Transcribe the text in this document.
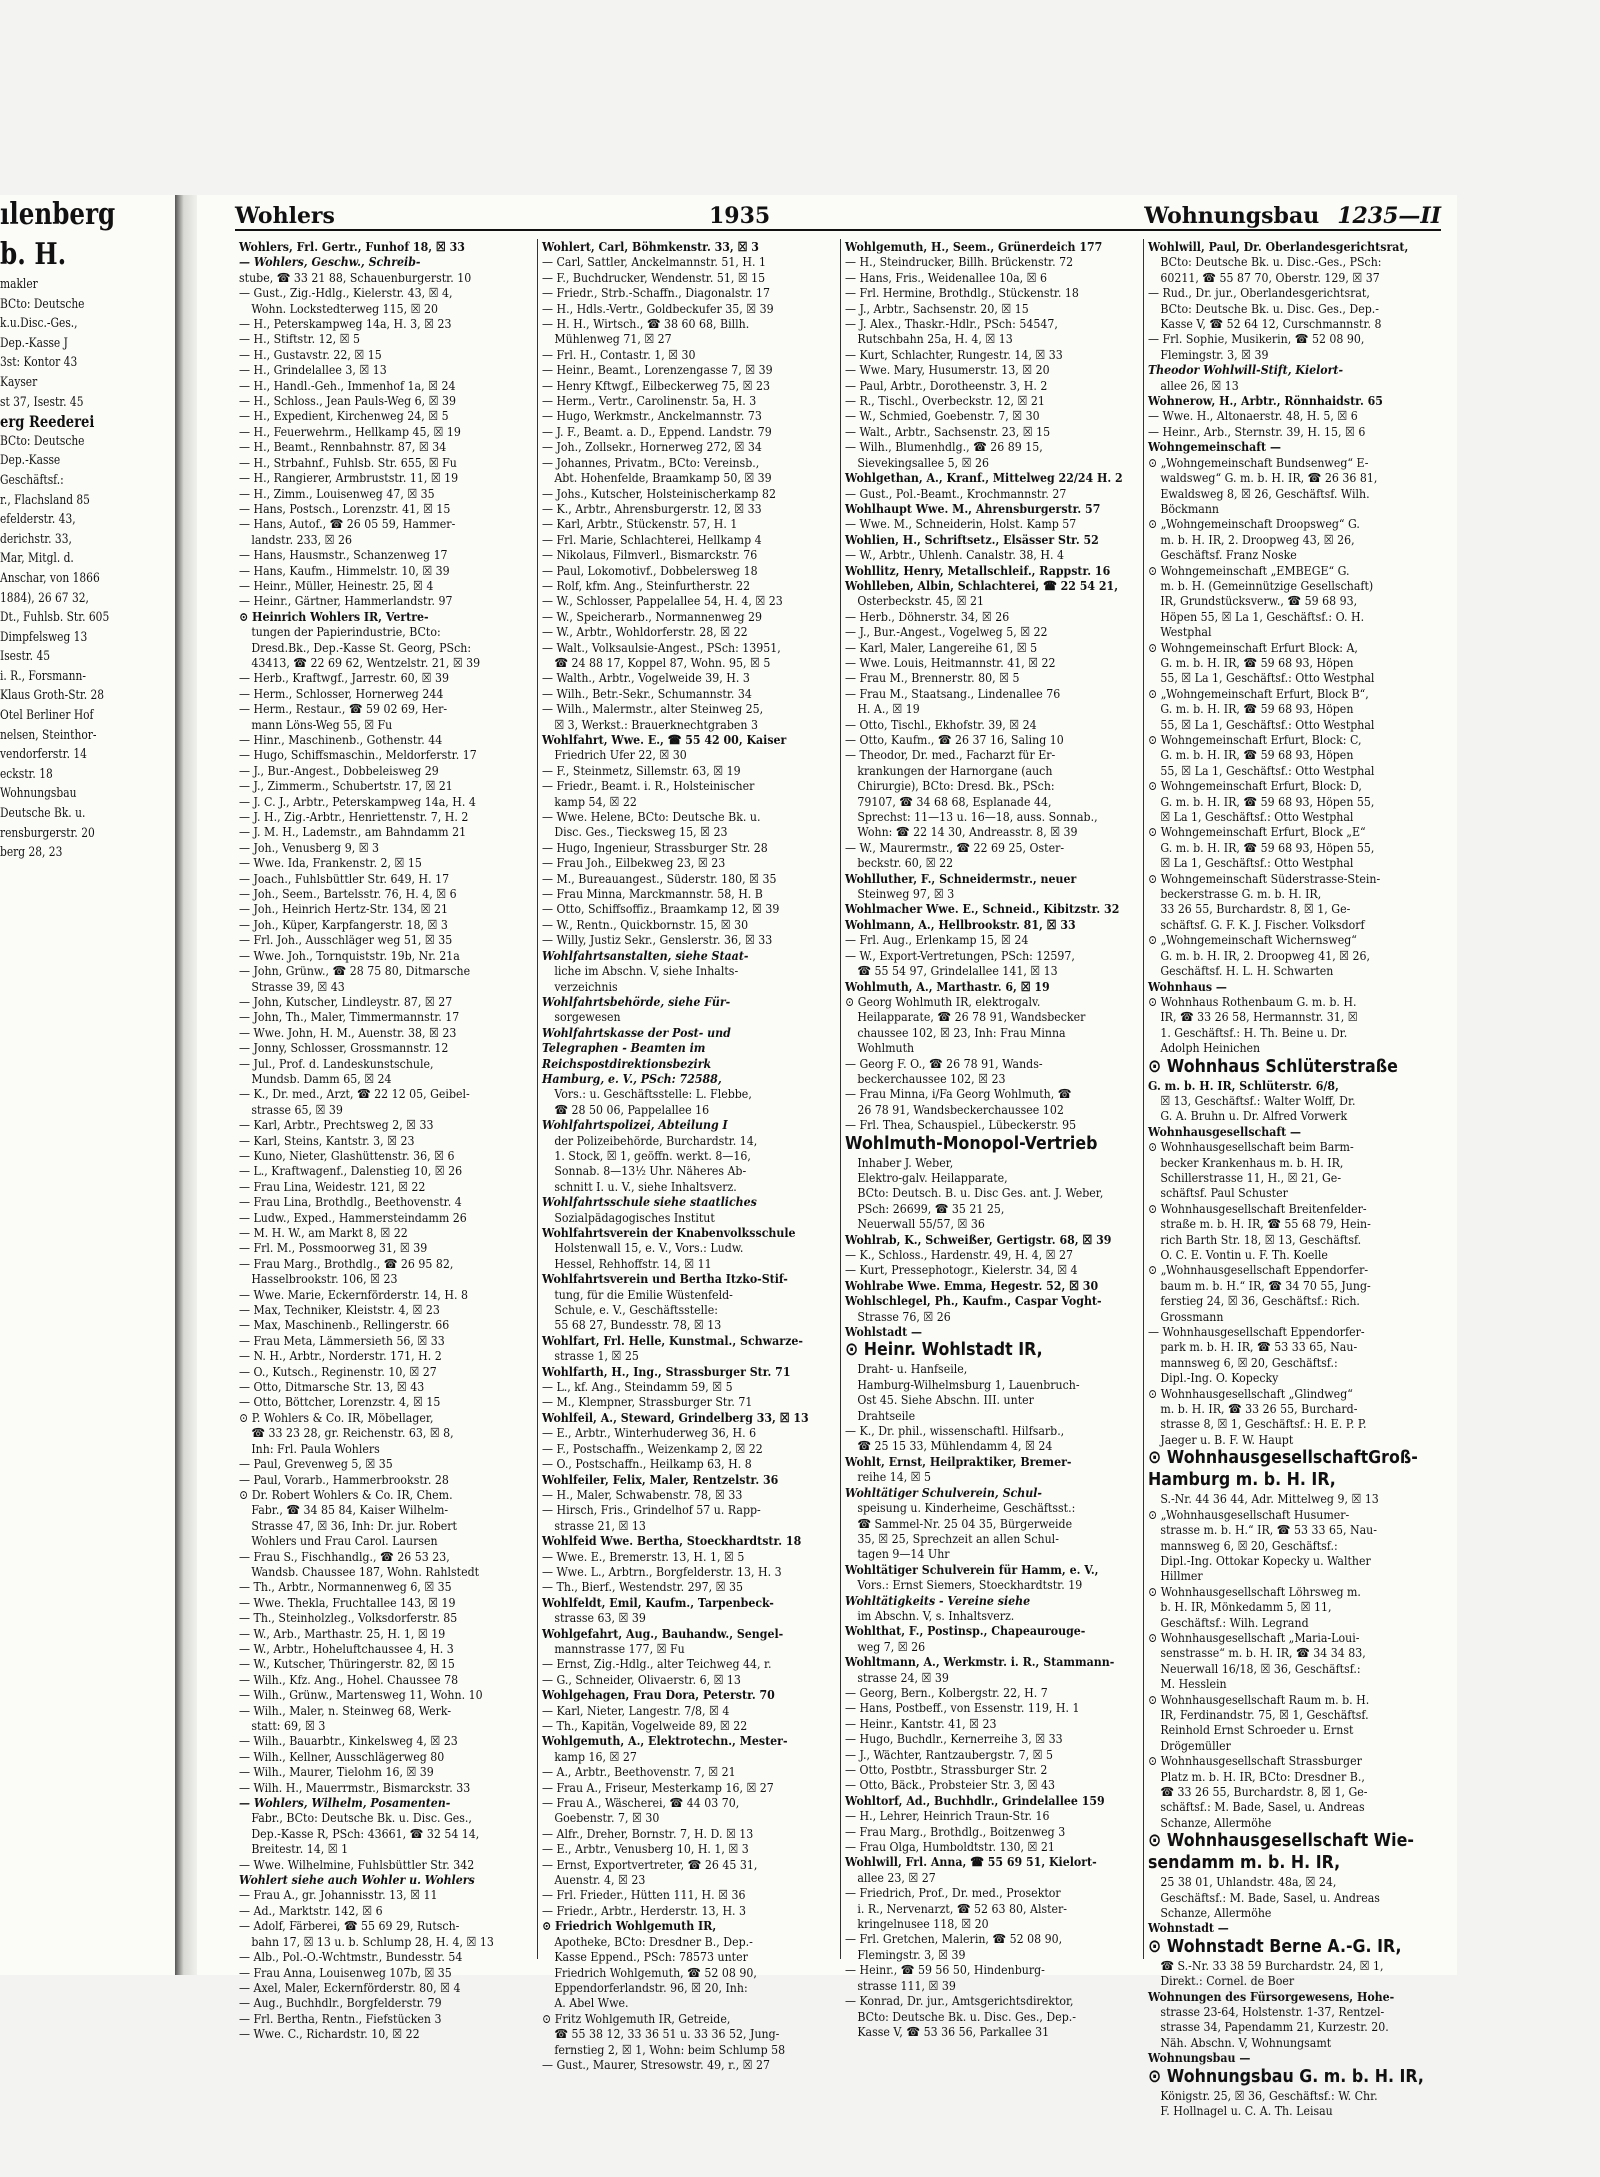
ılenberg
b. H.
makler
BCto: Deutsche
k.u.Disc.-Ges.,
Dep.-Kasse J
3st: Kontor 43
Kayser
st 37, Isestr. 45
erg Reederei
BCto: Deutsche
Dep.-Kasse
Geschäftsf.:
r., Flachsland 85
efelderstr. 43,
derichstr. 33,
Mar, Mitgl. d.
Anschar, von 1866
1884), 26 67 32,
Dt., Fuhlsb. Str. 605
Dimpfelsweg 13
Isestr. 45
i. R., Forsmann-
Klaus Groth-Str. 28
Otel Berliner Hof
nelsen, Steinthor-
vendorferstr. 14
eckstr. 18
Wohnungsbau
Deutsche Bk. u.
rensburgerstr. 20
berg 28, 23
Wohlers	1935	Wohnungsbau 1235—II
Wohlers, Frl. Gertr., Funhof 18, ☒ 33
— Wohlers, Geschw., Schreib-
stube, ☎ 33 21 88, Schauenburgerstr. 10
— Gust., Zig.-Hdlg., Kielerstr. 43, ☒ 4,
Wohn. Lockstedterweg 115, ☒ 20
— H., Peterskampweg 14a, H. 3, ☒ 23
— H., Stiftstr. 12, ☒ 5
— H., Gustavstr. 22, ☒ 15
— H., Grindelallee 3, ☒ 13
— H., Handl.-Geh., Immenhof 1a, ☒ 24
— H., Schloss., Jean Pauls-Weg 6, ☒ 39
— H., Expedient, Kirchenweg 24, ☒ 5
— H., Feuerwehrm., Hellkamp 45, ☒ 19
— H., Beamt., Rennbahnstr. 87, ☒ 34
— H., Strbahnf., Fuhlsb. Str. 655, ☒ Fu
— H., Rangierer, Armbruststr. 11, ☒ 19
— H., Zimm., Louisenweg 47, ☒ 35
— Hans, Postsch., Lorenzstr. 41, ☒ 15
— Hans, Autof., ☎ 26 05 59, Hammer-
landstr. 233, ☒ 26
— Hans, Hausmstr., Schanzenweg 17
— Hans, Kaufm., Himmelstr. 10, ☒ 39
— Heinr., Müller, Heinestr. 25, ☒ 4
— Heinr., Gärtner, Hammerlandstr. 97
⊙ Heinrich Wohlers IR, Vertre-
tungen der Papierindustrie, BCto:
Dresd.Bk., Dep.-Kasse St. Georg, PSch:
43413, ☎ 22 69 62, Wentzelstr. 21, ☒ 39
— Herb., Kraftwgf., Jarrestr. 60, ☒ 39
— Herm., Schlosser, Hornerweg 244
— Herm., Restaur., ☎ 59 02 69, Her-
mann Löns-Weg 55, ☒ Fu
— Hinr., Maschinenb., Gothenstr. 44
— Hugo, Schiffsmaschin., Meldorferstr. 17
— J., Bur.-Angest., Dobbeleisweg 29
— J., Zimmerm., Schubertstr. 17, ☒ 21
— J. C. J., Arbtr., Peterskampweg 14a, H. 4
— J. H., Zig.-Arbtr., Henriettenstr. 7, H. 2
— J. M. H., Lademstr., am Bahndamm 21
— Joh., Venusberg 9, ☒ 3
— Wwe. Ida, Frankenstr. 2, ☒ 15
— Joach., Fuhlsbüttler Str. 649, H. 17
— Joh., Seem., Bartelsstr. 76, H. 4, ☒ 6
— Joh., Heinrich Hertz-Str. 134, ☒ 21
— Joh., Küper, Karpfangerstr. 18, ☒ 3
— Frl. Joh., Ausschläger weg 51, ☒ 35
— Wwe. Joh., Tornquiststr. 19b, Nr. 21a
— John, Grünw., ☎ 28 75 80, Ditmarsche
Strasse 39, ☒ 43
— John, Kutscher, Lindleystr. 87, ☒ 27
— John, Th., Maler, Timmermannstr. 17
— Wwe. John, H. M., Auenstr. 38, ☒ 23
— Jonny, Schlosser, Grossmannstr. 12
— Jul., Prof. d. Landeskunstschule,
Mundsb. Damm 65, ☒ 24
— K., Dr. med., Arzt, ☎ 22 12 05, Geibel-
strasse 65, ☒ 39
— Karl, Arbtr., Prechtsweg 2, ☒ 33
— Karl, Steins, Kantstr. 3, ☒ 23
— Kuno, Nieter, Glashüttenstr. 36, ☒ 6
— L., Kraftwagenf., Dalenstieg 10, ☒ 26
— Frau Lina, Weidestr. 121, ☒ 22
— Frau Lina, Brothdlg., Beethovenstr. 4
— Ludw., Exped., Hammersteindamm 26
— M. H. W., am Markt 8, ☒ 22
— Frl. M., Possmoorweg 31, ☒ 39
— Frau Marg., Brothdlg., ☎ 26 95 82,
Hasselbrookstr. 106, ☒ 23
— Wwe. Marie, Eckernförderstr. 14, H. 8
— Max, Techniker, Kleiststr. 4, ☒ 23
— Max, Maschinenb., Rellingerstr. 66
— Frau Meta, Lämmersieth 56, ☒ 33
— N. H., Arbtr., Norderstr. 171, H. 2
— O., Kutsch., Reginenstr. 10, ☒ 27
— Otto, Ditmarsche Str. 13, ☒ 43
— Otto, Böttcher, Lorenzstr. 4, ☒ 15
⊙ P. Wohlers & Co. IR, Möbellager,
☎ 33 23 28, gr. Reichenstr. 63, ☒ 8,
Inh: Frl. Paula Wohlers
— Paul, Grevenweg 5, ☒ 35
— Paul, Vorarb., Hammerbrookstr. 28
⊙ Dr. Robert Wohlers & Co. IR, Chem.
Fabr., ☎ 34 85 84, Kaiser Wilhelm-
Strasse 47, ☒ 36, Inh: Dr. jur. Robert
Wohlers und Frau Carol. Laursen
— Frau S., Fischhandlg., ☎ 26 53 23,
Wandsb. Chaussee 187, Wohn. Rahlstedt
— Th., Arbtr., Normannenweg 6, ☒ 35
— Wwe. Thekla, Fruchtallee 143, ☒ 19
— Th., Steinholzleg., Volksdorferstr. 85
— W., Arb., Marthastr. 25, H. 1, ☒ 19
— W., Arbtr., Hoheluftchaussee 4, H. 3
— W., Kutscher, Thüringerstr. 82, ☒ 15
— Wilh., Kfz. Ang., Hohel. Chaussee 78
— Wilh., Grünw., Martensweg 11, Wohn. 10
— Wilh., Maler, n. Steinweg 68, Werk-
statt: 69, ☒ 3
— Wilh., Bauarbtr., Kinkelsweg 4, ☒ 23
— Wilh., Kellner, Ausschlägerweg 80
— Wilh., Maurer, Tielohm 16, ☒ 39
— Wilh. H., Mauerrmstr., Bismarckstr. 33
— Wohlers, Wilhelm, Posamenten-
Fabr., BCto: Deutsche Bk. u. Disc. Ges.,
Dep.-Kasse R, PSch: 43661, ☎ 32 54 14,
Breitestr. 14, ☒ 1
— Wwe. Wilhelmine, Fuhlsbüttler Str. 342
Wohlert siehe auch Wohler u. Wohlers
— Frau A., gr. Johannisstr. 13, ☒ 11
— Ad., Marktstr. 142, ☒ 6
— Adolf, Färberei, ☎ 55 69 29, Rutsch-
bahn 17, ☒ 13 u. b. Schlump 28, H. 4, ☒ 13
— Alb., Pol.-O.-Wchtmstr., Bundesstr. 54
— Frau Anna, Louisenweg 107b, ☒ 35
— Axel, Maler, Eckernförderstr. 80, ☒ 4
— Aug., Buchhdlr., Borgfelderstr. 79
— Frl. Bertha, Rentn., Fiefstücken 3
— Wwe. C., Richardstr. 10, ☒ 22
Wohlert, Carl, Böhmkenstr. 33, ☒ 3
— Carl, Sattler, Anckelmannstr. 51, H. 1
— F., Buchdrucker, Wendenstr. 51, ☒ 15
— Friedr., Strb.-Schaffn., Diagonalstr. 17
— H., Hdls.-Vertr., Goldbeckufer 35, ☒ 39
— H. H., Wirtsch., ☎ 38 60 68, Billh.
Mühlenweg 71, ☒ 27
— Frl. H., Contastr. 1, ☒ 30
— Heinr., Beamt., Lorenzengasse 7, ☒ 39
— Henry Kftwgf., Eilbeckerweg 75, ☒ 23
— Herm., Vertr., Carolinenstr. 5a, H. 3
— Hugo, Werkmstr., Anckelmannstr. 73
— J. F., Beamt. a. D., Eppend. Landstr. 79
— Joh., Zollsekr., Hornerweg 272, ☒ 34
— Johannes, Privatm., BCto: Vereinsb.,
Abt. Hohenfelde, Braamkamp 50, ☒ 39
— Johs., Kutscher, Holsteinischerkamp 82
— K., Arbtr., Ahrensburgerstr. 12, ☒ 33
— Karl, Arbtr., Stückenstr. 57, H. 1
— Frl. Marie, Schlachterei, Hellkamp 4
— Nikolaus, Filmverl., Bismarckstr. 76
— Paul, Lokomotivf., Dobbelersweg 18
— Rolf, kfm. Ang., Steinfurtherstr. 22
— W., Schlosser, Pappelallee 54, H. 4, ☒ 23
— W., Speicherarb., Normannenweg 29
— W., Arbtr., Wohldorferstr. 28, ☒ 22
— Walt., Volksaulsie-Angest., PSch: 13951,
☎ 24 88 17, Koppel 87, Wohn. 95, ☒ 5
— Walth., Arbtr., Vogelweide 39, H. 3
— Wilh., Betr.-Sekr., Schumannstr. 34
— Wilh., Malermstr., alter Steinweg 25,
☒ 3, Werkst.: Brauerknechtgraben 3
Wohlfahrt, Wwe. E., ☎ 55 42 00, Kaiser
Friedrich Ufer 22, ☒ 30
— F., Steinmetz, Sillemstr. 63, ☒ 19
— Friedr., Beamt. i. R., Holsteinischer
kamp 54, ☒ 22
— Wwe. Helene, BCto: Deutsche Bk. u.
Disc. Ges., Tiecksweg 15, ☒ 23
— Hugo, Ingenieur, Strassburger Str. 28
— Frau Joh., Eilbekweg 23, ☒ 23
— M., Bureauangest., Süderstr. 180, ☒ 35
— Frau Minna, Marckmannstr. 58, H. B
— Otto, Schiffsoffiz., Braamkamp 12, ☒ 39
— W., Rentn., Quickbornstr. 15, ☒ 30
— Willy, Justiz Sekr., Genslerstr. 36, ☒ 33
Wohlfahrtsanstalten, siehe Staat-
liche im Abschn. V, siehe Inhalts-
verzeichnis
Wohlfahrtsbehörde, siehe Für-
sorgewesen
Wohlfahrtskasse der Post- und
Telegraphen - Beamten im
Reichspostdirektionsbezirk
Hamburg, e. V., PSch: 72588,
Vors.: u. Geschäftsstelle: L. Flebbe,
☎ 28 50 06, Pappelallee 16
Wohlfahrtspolizei, Abteilung I
der Polizeibehörde, Burchardstr. 14,
1. Stock, ☒ 1, geöffn. werkt. 8—16,
Sonnab. 8—13½ Uhr. Näheres Ab-
schnitt I. u. V., siehe Inhaltsverz.
Wohlfahrtsschule siehe staatliches
Sozialpädagogisches Institut
Wohlfahrtsverein der Knabenvolksschule
Holstenwall 15, e. V., Vors.: Ludw.
Hessel, Rehhoffstr. 14, ☒ 11
Wohlfahrtsverein und Bertha Itzko-Stif-
tung, für die Emilie Wüstenfeld-
Schule, e. V., Geschäftsstelle:
55 68 27, Bundesstr. 78, ☒ 13
Wohlfart, Frl. Helle, Kunstmal., Schwarze-
strasse 1, ☒ 25
Wohlfarth, H., Ing., Strassburger Str. 71
— L., kf. Ang., Steindamm 59, ☒ 5
— M., Klempner, Strassburger Str. 71
Wohlfeil, A., Steward, Grindelberg 33, ☒ 13
— E., Arbtr., Winterhuderweg 36, H. 6
— F., Postschaffn., Weizenkamp 2, ☒ 22
— O., Postschaffn., Heilkamp 63, H. 8
Wohlfeiler, Felix, Maler, Rentzelstr. 36
— H., Maler, Schwabenstr. 78, ☒ 33
— Hirsch, Fris., Grindelhof 57 u. Rapp-
strasse 21, ☒ 13
Wohlfeid Wwe. Bertha, Stoeckhardtstr. 18
— Wwe. E., Bremerstr. 13, H. 1, ☒ 5
— Wwe. L., Arbtrn., Borgfelderstr. 13, H. 3
— Th., Bierf., Westendstr. 297, ☒ 35
Wohlfeldt, Emil, Kaufm., Tarpenbeck-
strasse 63, ☒ 39
Wohlgefahrt, Aug., Bauhandw., Sengel-
mannstrasse 177, ☒ Fu
— Ernst, Zig.-Hdlg., alter Teichweg 44, r.
— G., Schneider, Olivaerstr. 6, ☒ 13
Wohlgehagen, Frau Dora, Peterstr. 70
— Karl, Nieter, Langestr. 7/8, ☒ 4
— Th., Kapitän, Vogelweide 89, ☒ 22
Wohlgemuth, A., Elektrotechn., Mester-
kamp 16, ☒ 27
— A., Arbtr., Beethovenstr. 7, ☒ 21
— Frau A., Friseur, Mesterkamp 16, ☒ 27
— Frau A., Wäscherei, ☎ 44 03 70,
Goebenstr. 7, ☒ 30
— Alfr., Dreher, Bornstr. 7, H. D. ☒ 13
— E., Arbtr., Venusberg 10, H. 1, ☒ 3
— Ernst, Exportvertreter, ☎ 26 45 31,
Auenstr. 4, ☒ 23
— Frl. Frieder., Hütten 111, H. ☒ 36
— Friedr., Arbtr., Herderstr. 13, H. 3
⊙ Friedrich Wohlgemuth IR,
Apotheke, BCto: Dresdner B., Dep.-
Kasse Eppend., PSch: 78573 unter
Friedrich Wohlgemuth, ☎ 52 08 90,
Eppendorferlandstr. 96, ☒ 20, Inh:
A. Abel Wwe.
⊙ Fritz Wohlgemuth IR, Getreide,
☎ 55 38 12, 33 36 51 u. 33 36 52, Jung-
fernstieg 2, ☒ 1, Wohn: beim Schlump 58
— Gust., Maurer, Stresowstr. 49, r., ☒ 27
Wohlgemuth, H., Seem., Grünerdeich 177
— H., Steindrucker, Billh. Brückenstr. 72
— Hans, Fris., Weidenallee 10a, ☒ 6
— Frl. Hermine, Brothdlg., Stückenstr. 18
— J., Arbtr., Sachsenstr. 20, ☒ 15
— J. Alex., Thaskr.-Hdlr., PSch: 54547,
Rutschbahn 25a, H. 4, ☒ 13
— Kurt, Schlachter, Rungestr. 14, ☒ 33
— Wwe. Mary, Husumerstr. 13, ☒ 20
— Paul, Arbtr., Dorotheenstr. 3, H. 2
— R., Tischl., Overbeckstr. 12, ☒ 21
— W., Schmied, Goebenstr. 7, ☒ 30
— Walt., Arbtr., Sachsenstr. 23, ☒ 15
— Wilh., Blumenhdlg., ☎ 26 89 15,
Sievekingsallee 5, ☒ 26
Wohlgethan, A., Kranf., Mittelweg 22/24 H. 2
— Gust., Pol.-Beamt., Krochmannstr. 27
Wohlhaupt Wwe. M., Ahrensburgerstr. 57
— Wwe. M., Schneiderin, Holst. Kamp 57
Wohlien, H., Schriftsetz., Elsässer Str. 52
— W., Arbtr., Uhlenh. Canalstr. 38, H. 4
Wohllitz, Henry, Metallschleif., Rappstr. 16
Wohlleben, Albin, Schlachterei, ☎ 22 54 21,
Osterbeckstr. 45, ☒ 21
— Herb., Döhnerstr. 34, ☒ 26
— J., Bur.-Angest., Vogelweg 5, ☒ 22
— Karl, Maler, Langereihe 61, ☒ 5
— Wwe. Louis, Heitmannstr. 41, ☒ 22
— Frau M., Brennerstr. 80, ☒ 5
— Frau M., Staatsang., Lindenallee 76
H. A., ☒ 19
— Otto, Tischl., Ekhofstr. 39, ☒ 24
— Otto, Kaufm., ☎ 26 37 16, Saling 10
— Theodor, Dr. med., Facharzt für Er-
krankungen der Harnorgane (auch
Chirurgie), BCto: Dresd. Bk., PSch:
79107, ☎ 34 68 68, Esplanade 44,
Sprechst: 11—13 u. 16—18, auss. Sonnab.,
Wohn: ☎ 22 14 30, Andreasstr. 8, ☒ 39
— W., Maurermstr., ☎ 22 69 25, Oster-
beckstr. 60, ☒ 22
Wohlluther, F., Schneidermstr., neuer
Steinweg 97, ☒ 3
Wohlmacher Wwe. E., Schneid., Kibitzstr. 32
Wohlmann, A., Hellbrookstr. 81, ☒ 33
— Frl. Aug., Erlenkamp 15, ☒ 24
— W., Export-Vertretungen, PSch: 12597,
☎ 55 54 97, Grindelallee 141, ☒ 13
Wohlmuth, A., Marthastr. 6, ☒ 19
⊙ Georg Wohlmuth IR, elektrogalv.
Heilapparate, ☎ 26 78 91, Wandsbecker
chaussee 102, ☒ 23, Inh: Frau Minna
Wohlmuth
— Georg F. O., ☎ 26 78 91, Wands-
beckerchaussee 102, ☒ 23
— Frau Minna, i/Fa Georg Wohlmuth, ☎
26 78 91, Wandsbeckerchaussee 102
— Frl. Thea, Schauspiel., Lübeckerstr. 95
Wohlmuth-Monopol-Vertrieb
Inhaber J. Weber,
Elektro-galv. Heilapparate,
BCto: Deutsch. B. u. Disc Ges. ant. J. Weber,
PSch: 26699, ☎ 35 21 25,
Neuerwall 55/57, ☒ 36
Wohlrab, K., Schweißer, Gertigstr. 68, ☒ 39
— K., Schloss., Hardenstr. 49, H. 4, ☒ 27
— Kurt, Pressephotogr., Kielerstr. 34, ☒ 4
Wohlrabe Wwe. Emma, Hegestr. 52, ☒ 30
Wohlschlegel, Ph., Kaufm., Caspar Voght-
Strasse 76, ☒ 26
Wohlstadt —
⊙ Heinr. Wohlstadt IR,
Draht- u. Hanfseile,
Hamburg-Wilhelmsburg 1, Lauenbruch-
Ost 45. Siehe Abschn. III. unter
Drahtseile
— K., Dr. phil., wissenschaftl. Hilfsarb.,
☎ 25 15 33, Mühlendamm 4, ☒ 24
Wohlt, Ernst, Heilpraktiker, Bremer-
reihe 14, ☒ 5
Wohltätiger Schulverein, Schul-
speisung u. Kinderheime, Geschäftsst.:
☎ Sammel-Nr. 25 04 35, Bürgerweide
35, ☒ 25, Sprechzeit an allen Schul-
tagen 9—14 Uhr
Wohltätiger Schulverein für Hamm, e. V.,
Vors.: Ernst Siemers, Stoeckhardtstr. 19
Wohltätigkeits - Vereine siehe
im Abschn. V, s. Inhaltsverz.
Wohlthat, F., Postinsp., Chapeaurouge-
weg 7, ☒ 26
Wohltmann, A., Werkmstr. i. R., Stammann-
strasse 24, ☒ 39
— Georg, Bern., Kolbergstr. 22, H. 7
— Hans, Postbeff., von Essenstr. 119, H. 1
— Heinr., Kantstr. 41, ☒ 23
— Hugo, Buchdlr., Kernerreihe 3, ☒ 33
— J., Wächter, Rantzaubergstr. 7, ☒ 5
— Otto, Postbtr., Strassburger Str. 2
— Otto, Bäck., Probsteier Str. 3, ☒ 43
Wohltorf, Ad., Buchhdlr., Grindelallee 159
— H., Lehrer, Heinrich Traun-Str. 16
— Frau Marg., Brothdlg., Boitzenweg 3
— Frau Olga, Humboldtstr. 130, ☒ 21
Wohlwill, Frl. Anna, ☎ 55 69 51, Kielort-
allee 23, ☒ 27
— Friedrich, Prof., Dr. med., Prosektor
i. R., Nervenarzt, ☎ 52 63 80, Alster-
kringelnusee 118, ☒ 20
— Frl. Gretchen, Malerin, ☎ 52 08 90,
Flemingstr. 3, ☒ 39
— Heinr., ☎ 59 56 50, Hindenburg-
strasse 111, ☒ 39
— Konrad, Dr. jur., Amtsgerichtsdirektor,
BCto: Deutsche Bk. u. Disc. Ges., Dep.-
Kasse V, ☎ 53 36 56, Parkallee 31
Wohlwill, Paul, Dr. Oberlandesgerichtsrat,
BCto: Deutsche Bk. u. Disc.-Ges., PSch:
60211, ☎ 55 87 70, Oberstr. 129, ☒ 37
— Rud., Dr. jur., Oberlandesgerichtsrat,
BCto: Deutsche Bk. u. Disc. Ges., Dep.-
Kasse V, ☎ 52 64 12, Curschmannstr. 8
— Frl. Sophie, Musikerin, ☎ 52 08 90,
Flemingstr. 3, ☒ 39
Theodor Wohlwill-Stift, Kielort-
allee 26, ☒ 13
Wohnerow, H., Arbtr., Rönnhaidstr. 65
— Wwe. H., Altonaerstr. 48, H. 5, ☒ 6
— Heinr., Arb., Sternstr. 39, H. 15, ☒ 6
Wohngemeinschaft —
⊙ „Wohngemeinschaft Bundsenweg“ E-
waldsweg“ G. m. b. H. IR, ☎ 26 36 81,
Ewaldsweg 8, ☒ 26, Geschäftsf. Wilh.
Böckmann
⊙ „Wohngemeinschaft Droopsweg“ G.
m. b. H. IR, 2. Droopweg 43, ☒ 26,
Geschäftsf. Franz Noske
⊙ Wohngemeinschaft „EMBEGE“ G.
m. b. H. (Gemeinnützige Gesellschaft)
IR, Grundstücksverw., ☎ 59 68 93,
Höpen 55, ☒ La 1, Geschäftsf.: O. H.
Westphal
⊙ Wohngemeinschaft Erfurt Block: A,
G. m. b. H. IR, ☎ 59 68 93, Höpen
55, ☒ La 1, Geschäftsf.: Otto Westphal
⊙ „Wohngemeinschaft Erfurt, Block B“,
G. m. b. H. IR, ☎ 59 68 93, Höpen
55, ☒ La 1, Geschäftsf.: Otto Westphal
⊙ Wohngemeinschaft Erfurt, Block: C,
G. m. b. H. IR, ☎ 59 68 93, Höpen
55, ☒ La 1, Geschäftsf.: Otto Westphal
⊙ Wohngemeinschaft Erfurt, Block: D,
G. m. b. H. IR, ☎ 59 68 93, Höpen 55,
☒ La 1, Geschäftsf.: Otto Westphal
⊙ Wohngemeinschaft Erfurt, Block „E“
G. m. b. H. IR, ☎ 59 68 93, Höpen 55,
☒ La 1, Geschäftsf.: Otto Westphal
⊙ Wohngemeinschaft Süderstrasse-Stein-
beckerstrasse G. m. b. H. IR,
33 26 55, Burchardstr. 8, ☒ 1, Ge-
schäftsf. G. F. K. J. Fischer. Volksdorf
⊙ „Wohngemeinschaft Wichernsweg“
G. m. b. H. IR, 2. Droopweg 41, ☒ 26,
Geschäftsf. H. L. H. Schwarten
Wohnhaus —
⊙ Wohnhaus Rothenbaum G. m. b. H.
IR, ☎ 33 26 58, Hermannstr. 31, ☒
1. Geschäftsf.: H. Th. Beine u. Dr.
Adolph Heinichen
⊙ Wohnhaus Schlüterstraße
G. m. b. H. IR, Schlüterstr. 6/8,
☒ 13, Geschäftsf.: Walter Wolff, Dr.
G. A. Bruhn u. Dr. Alfred Vorwerk
Wohnhausgesellschaft —
⊙ Wohnhausgesellschaft beim Barm-
becker Krankenhaus m. b. H. IR,
Schillerstrasse 11, H., ☒ 21, Ge-
schäftsf. Paul Schuster
⊙ Wohnhausgesellschaft Breitenfelder-
straße m. b. H. IR, ☎ 55 68 79, Hein-
rich Barth Str. 18, ☒ 13, Geschäftsf.
O. C. E. Vontin u. F. Th. Koelle
⊙ „Wohnhausgesellschaft Eppendorfer-
baum m. b. H.“ IR, ☎ 34 70 55, Jung-
ferstieg 24, ☒ 36, Geschäftsf.: Rich.
Grossmann
— Wohnhausgesellschaft Eppendorfer-
park m. b. H. IR, ☎ 53 33 65, Nau-
mannsweg 6, ☒ 20, Geschäftsf.:
Dipl.-Ing. O. Kopecky
⊙ Wohnhausgesellschaft „Glindweg“
m. b. H. IR, ☎ 33 26 55, Burchard-
strasse 8, ☒ 1, Geschäftsf.: H. E. P. P.
Jaeger u. B. F. W. Haupt
⊙ WohnhausgesellschaftGroß-
Hamburg m. b. H. IR,
S.-Nr. 44 36 44, Adr. Mittelweg 9, ☒ 13
⊙ „Wohnhausgesellschaft Husumer-
strasse m. b. H.“ IR, ☎ 53 33 65, Nau-
mannsweg 6, ☒ 20, Geschäftsf.:
Dipl.-Ing. Ottokar Kopecky u. Walther
Hillmer
⊙ Wohnhausgesellschaft Löhrsweg m.
b. H. IR, Mönkedamm 5, ☒ 11,
Geschäftsf.: Wilh. Legrand
⊙ Wohnhausgesellschaft „Maria-Loui-
senstrasse“ m. b. H. IR, ☎ 34 34 83,
Neuerwall 16/18, ☒ 36, Geschäftsf.:
M. Hesslein
⊙ Wohnhausgesellschaft Raum m. b. H.
IR, Ferdinandstr. 75, ☒ 1, Geschäftsf.
Reinhold Ernst Schroeder u. Ernst
Drögemüller
⊙ Wohnhausgesellschaft Strassburger
Platz m. b. H. IR, BCto: Dresdner B.,
☎ 33 26 55, Burchardstr. 8, ☒ 1, Ge-
schäftsf.: M. Bade, Sasel, u. Andreas
Schanze, Allermöhe
⊙ Wohnhausgesellschaft Wie-
sendamm m. b. H. IR,
25 38 01, Uhlandstr. 48a, ☒ 24,
Geschäftsf.: M. Bade, Sasel, u. Andreas
Schanze, Allermöhe
Wohnstadt —
⊙ Wohnstadt Berne A.-G. IR,
☎ S.-Nr. 33 38 59 Burchardstr. 24, ☒ 1,
Direkt.: Cornel. de Boer
Wohnungen des Fürsorgewesens, Hohe-
strasse 23-64, Holstenstr. 1-37, Rentzel-
strasse 34, Papendamm 21, Kurzestr. 20.
Näh. Abschn. V, Wohnungsamt
Wohnungsbau —
⊙ Wohnungsbau G. m. b. H. IR,
Königstr. 25, ☒ 36, Geschäftsf.: W. Chr.
F. Hollnagel u. C. A. Th. Leisau
